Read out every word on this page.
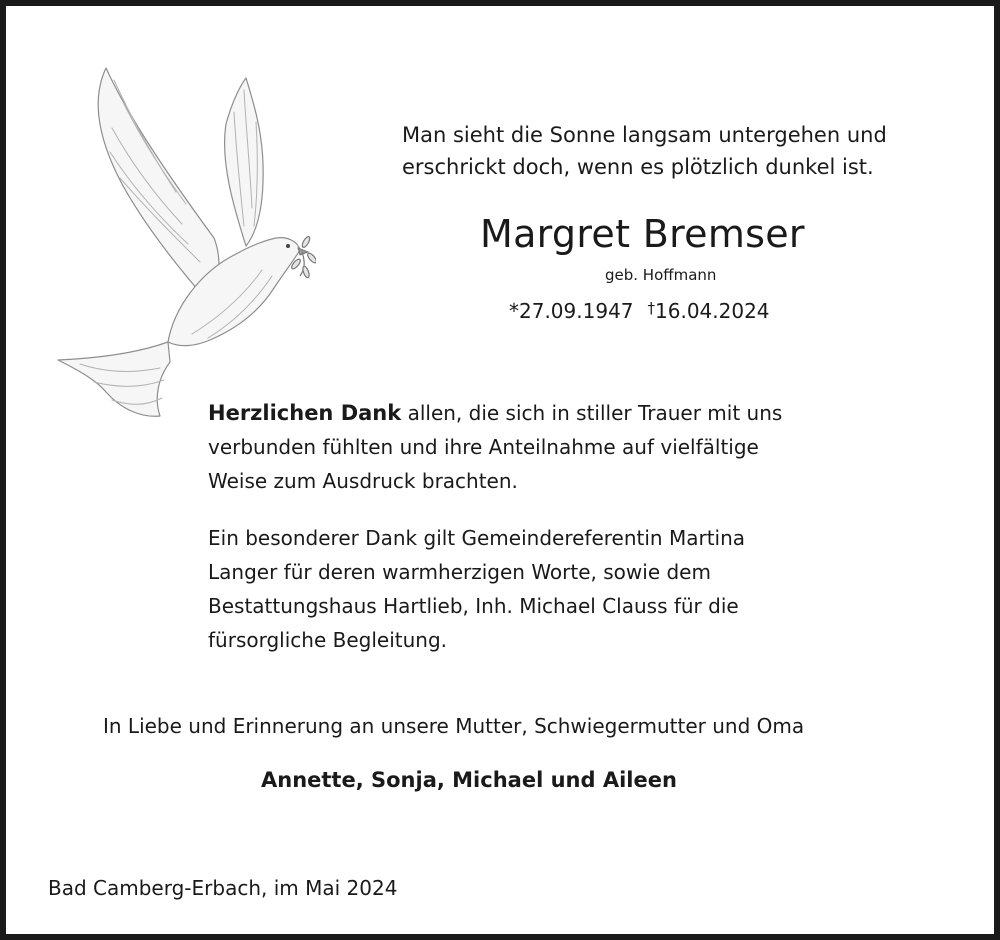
Man sieht die Sonne langsam untergehen und
erschrickt doch, wenn es plötzlich dunkel ist.

Margret Bremser
geb. Hoffmann
*27.09.1947 †16.04.2024

Herzlichen Dank allen, die sich in stiller Trauer mit uns
verbunden fühlten und ihre Anteilnahme auf vielfältige
Weise zum Ausdruck brachten.

Ein besonderer Dank gilt Gemeindereferentin Martina
Langer für deren warmherzigen Worte, sowie dem
Bestattungshaus Hartlieb, Inh. Michael Clauss für die
fürsorgliche Begleitung.

In Liebe und Erinnerung an unsere Mutter, Schwiegermutter und Oma
Annette, Sonja, Michael und Aileen
Bad Camberg-Erbach, im Mai 2024
